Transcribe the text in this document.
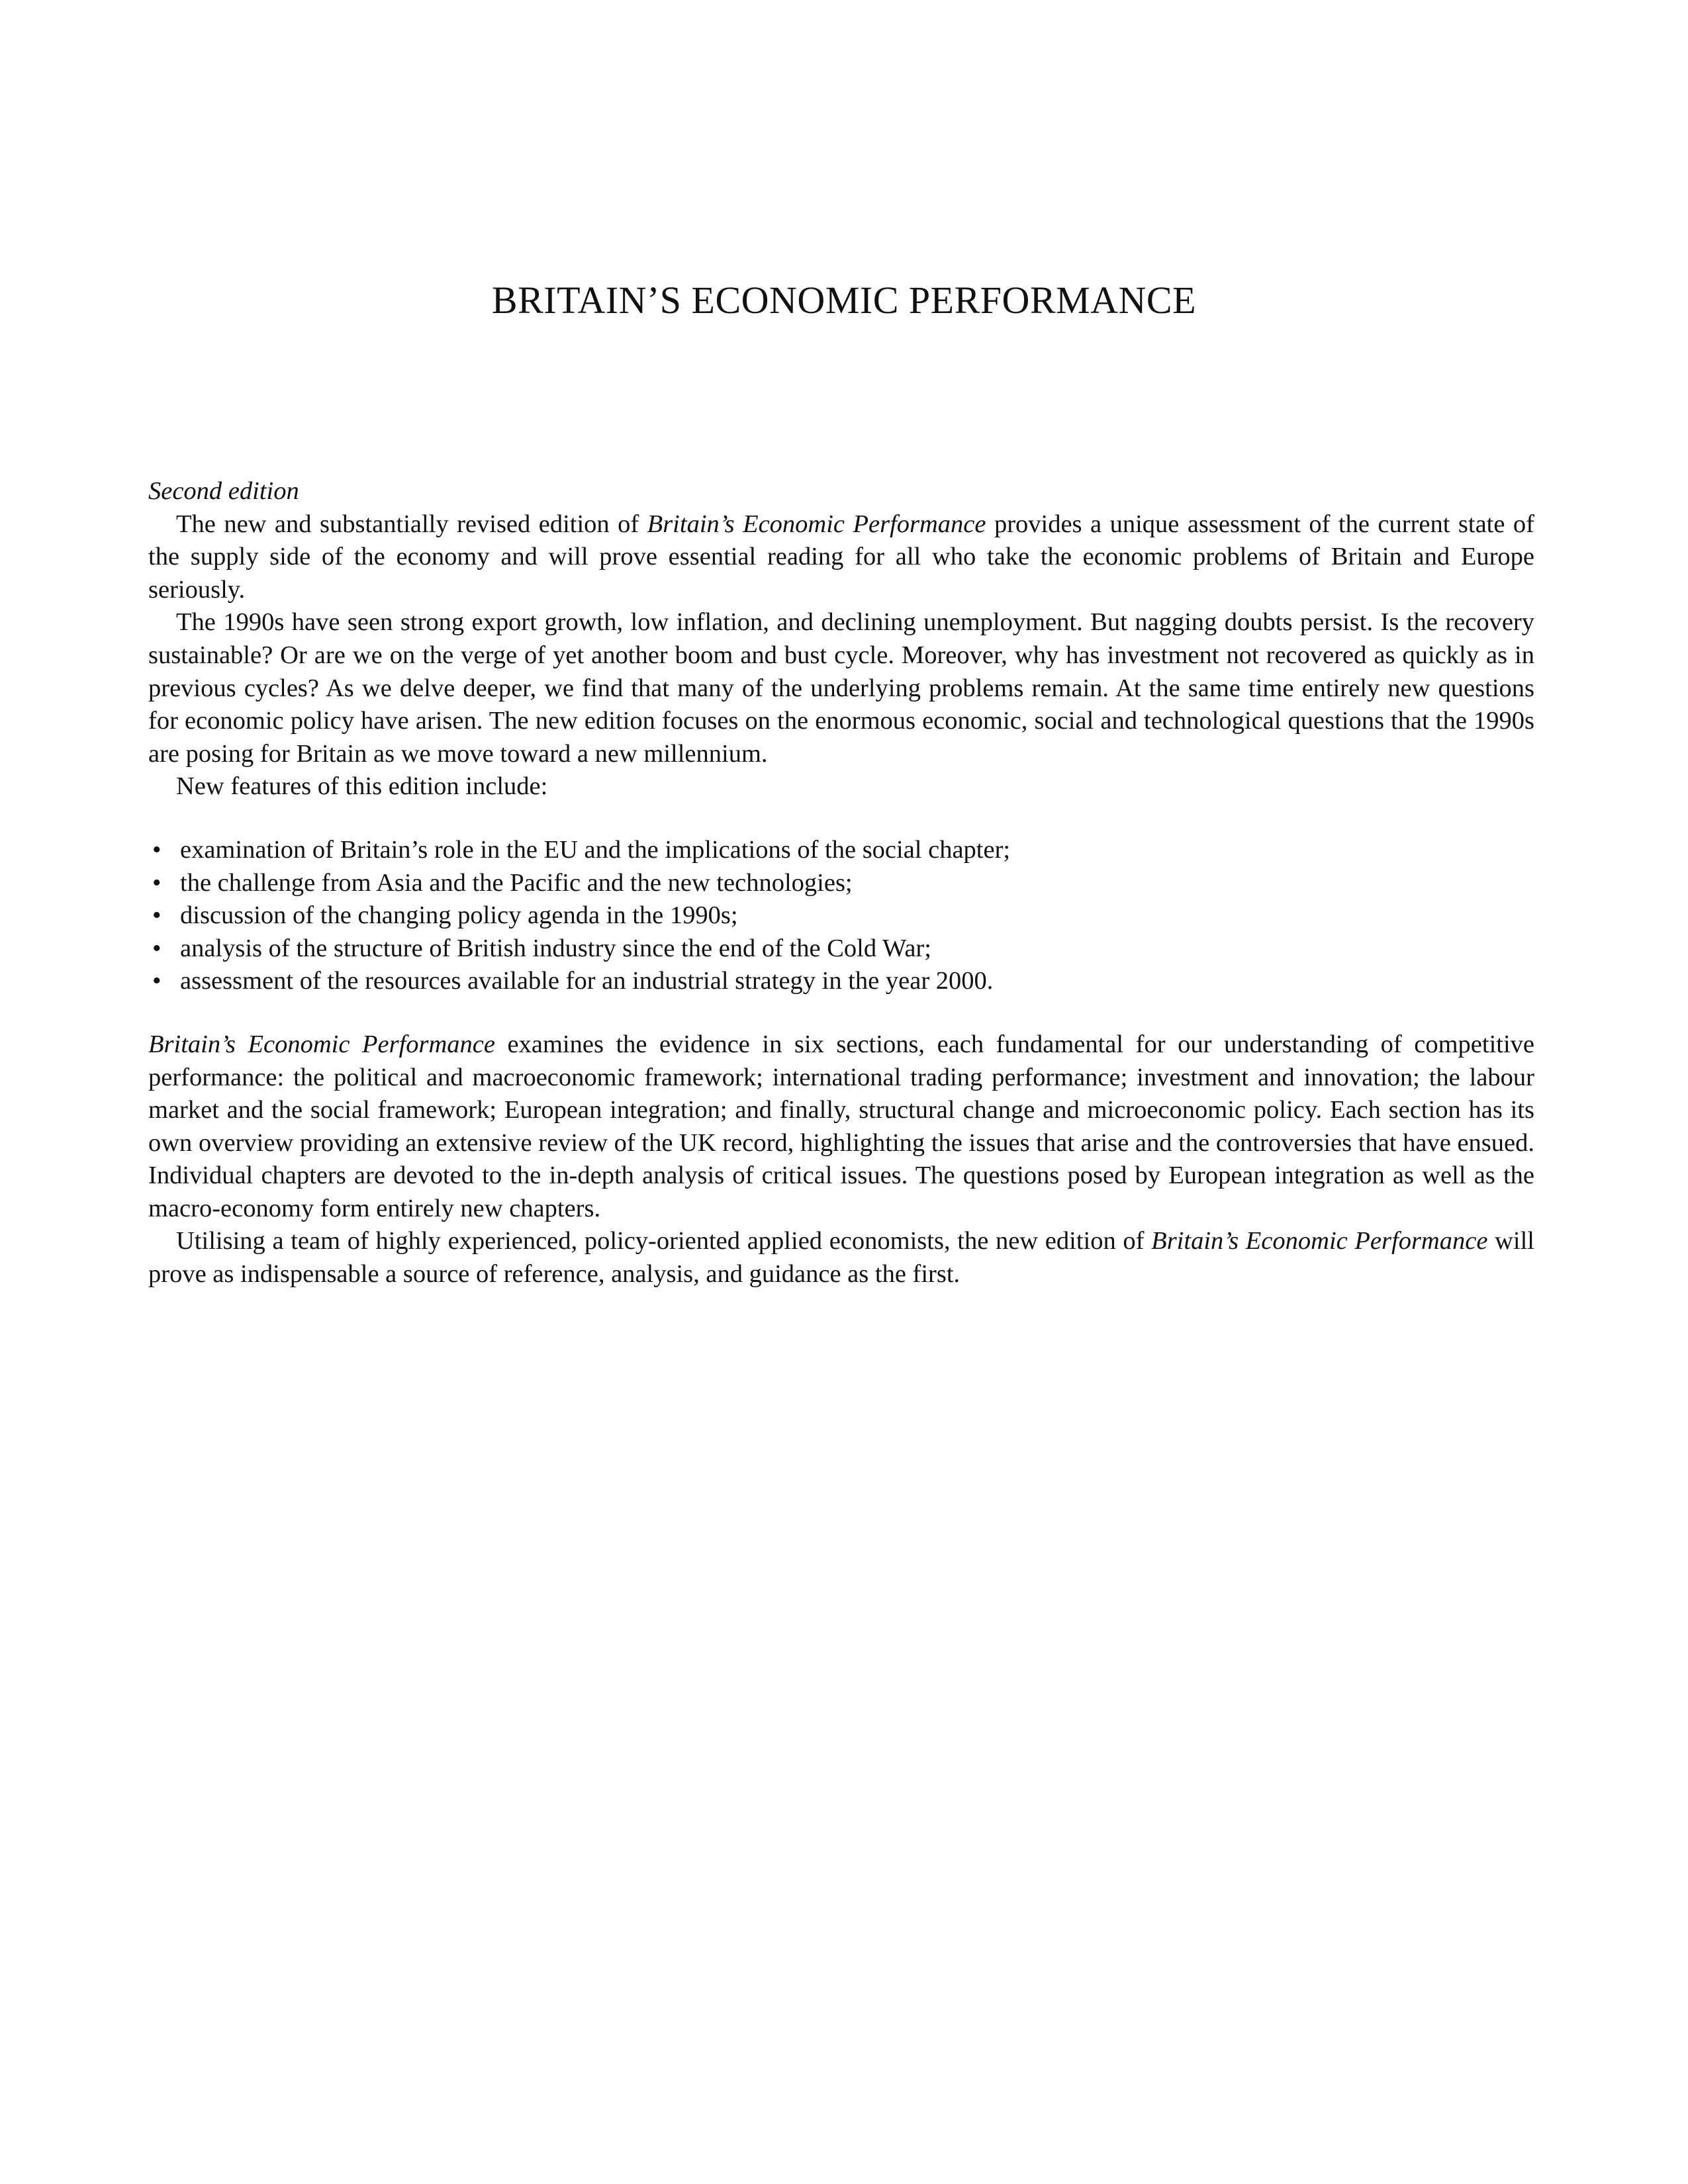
BRITAIN’S ECONOMIC PERFORMANCE

Second edition

The new and substantially revised edition of Britain’s Economic Performance provides a unique assessment of the current state of the supply side of the economy and will prove essential reading for all who take the economic problems of Britain and Europe seriously.

The 1990s have seen strong export growth, low inflation, and declining unemployment. But nagging doubts persist. Is the recovery sustainable? Or are we on the verge of yet another boom and bust cycle. Moreover, why has investment not recovered as quickly as in previous cycles? As we delve deeper, we find that many of the underlying problems remain. At the same time entirely new questions for economic policy have arisen. The new edition focuses on the enormous economic, social and technological questions that the 1990s are posing for Britain as we move toward a new millennium.

New features of this edition include:

• examination of Britain’s role in the EU and the implications of the social chapter;
• the challenge from Asia and the Pacific and the new technologies;
• discussion of the changing policy agenda in the 1990s;
• analysis of the structure of British industry since the end of the Cold War;
• assessment of the resources available for an industrial strategy in the year 2000.

Britain’s Economic Performance examines the evidence in six sections, each fundamental for our understanding of competitive performance: the political and macroeconomic framework; international trading performance; investment and innovation; the labour market and the social framework; European integration; and finally, structural change and microeconomic policy. Each section has its own overview providing an extensive review of the UK record, highlighting the issues that arise and the controversies that have ensued. Individual chapters are devoted to the in-depth analysis of critical issues. The questions posed by European integration as well as the macro-economy form entirely new chapters.

Utilising a team of highly experienced, policy-oriented applied economists, the new edition of Britain’s Economic Performance will prove as indispensable a source of reference, analysis, and guidance as the first.
